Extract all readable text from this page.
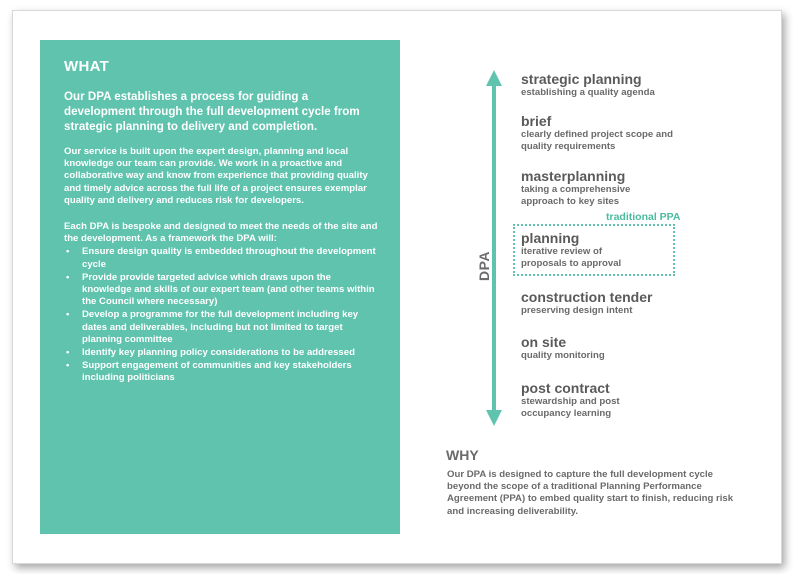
WHAT

Our DPA establishes a process for guiding a development through the full development cycle from strategic planning to delivery and completion.

Our service is built upon the expert design, planning and local knowledge our team can provide. We work in a proactive and collaborative way and know from experience that providing quality and timely advice across the full life of a project ensures exemplar quality and delivery and reduces risk for developers.

Each DPA is bespoke and designed to meet the needs of the site and the development. As a framework the DPA will:

• Ensure design quality is embedded throughout the development cycle
• Provide provide targeted advice which draws upon the knowledge and skills of our expert team (and other teams within the Council where necessary)
• Develop a programme for the full development including key dates and deliverables, including but not limited to target planning committee
• Identify key planning policy considerations to be addressed
• Support engagement of communities and key stakeholders including politicians
DPA
traditional PPA
strategic planning
establishing a quality agenda
brief
clearly defined project scope and quality requirements
masterplanning
taking a comprehensive approach to key sites
planning
iterative review of proposals to approval
construction tender
preserving design intent
on site
quality monitoring
post contract
stewardship and post occupancy learning
WHY
Our DPA is designed to capture the full development cycle beyond the scope of a traditional Planning Performance Agreement (PPA) to embed quality start to finish, reducing risk and increasing deliverability.
